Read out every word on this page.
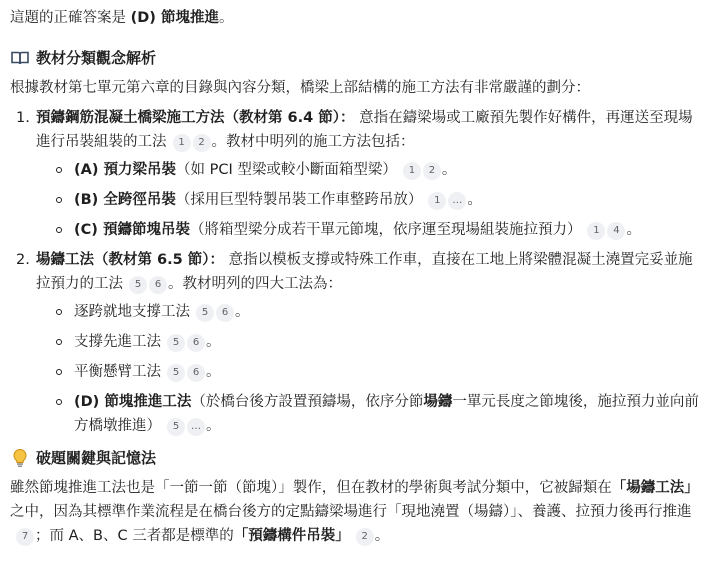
這題的正確答案是 (D) 節塊推進。

教材分類觀念解析

根據教材第七單元第六章的目錄與內容分類，橋梁上部結構的施工方法有非常嚴謹的劃分：

1. 預鑄鋼筋混凝土橋梁施工方法（教材第 6.4 節）： 意指在鑄梁場或工廠預先製作好構件，再運送至現場進行吊裝組裝的工法 1 2 。教材中明列的施工方法包括：
(A) 預力梁吊裝（如 PCI 型梁或較小斷面箱型梁） 1 2 。
(B) 全跨徑吊裝（採用巨型特製吊裝工作車整跨吊放） 1 … 。
(C) 預鑄節塊吊裝（將箱型梁分成若干單元節塊，依序運至現場組裝施拉預力） 1 4 。
2. 場鑄工法（教材第 6.5 節）： 意指以模板支撐或特殊工作車，直接在工地上將梁體混凝土澆置完妥並施拉預力的工法 5 6 。教材明列的四大工法為：
逐跨就地支撐工法 5 6 。
支撐先進工法 5 6 。
平衡懸臂工法 5 6 。
(D) 節塊推進工法（於橋台後方設置預鑄場，依序分節場鑄一單元長度之節塊後，施拉預力並向前方橋墩推進） 5 … 。
破題關鍵與記憶法

雖然節塊推進工法也是「一節一節（節塊）」製作，但在教材的學術與考試分類中，它被歸類在「場鑄工法」之中，因為其標準作業流程是在橋台後方的定點鑄梁場進行「現地澆置（場鑄）」、養護、拉預力後再行推進7 ；而 A、B、C 三者都是標準的「預鑄構件吊裝」 2 。
